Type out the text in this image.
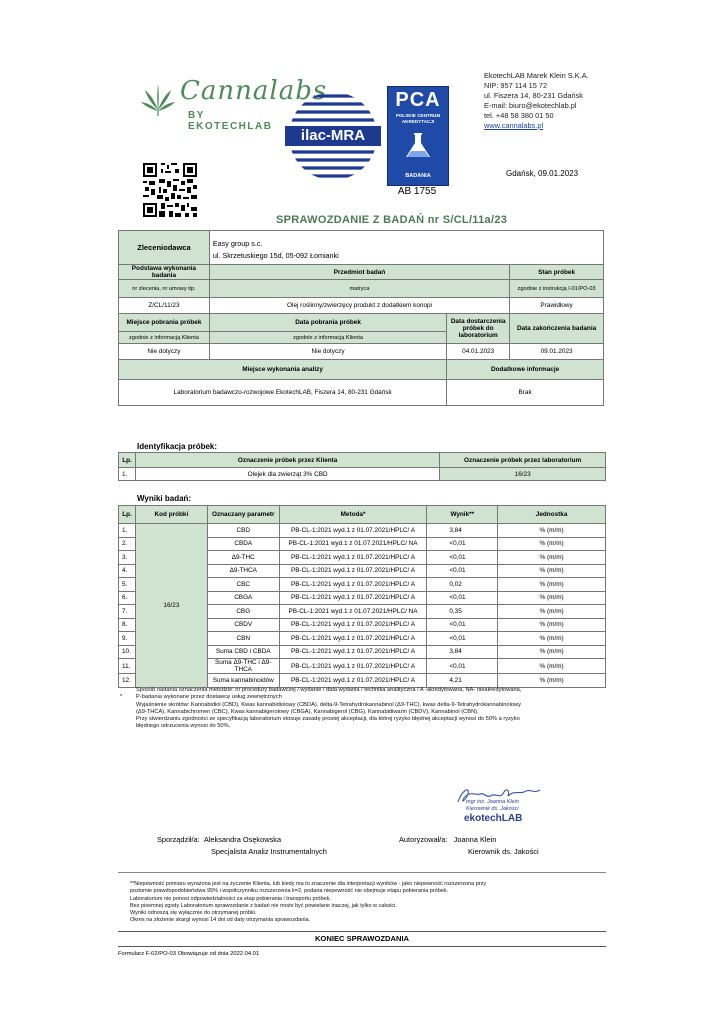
Cannalabs
BY EKOTECHLAB
ilac-MRA
PCA
POLSKIE CENTRUM
AKREDYTACJI
BADANIA
AB 1755
EkotechLAB Marek Klein S.K.A.
NIP: 957 114 15 72
ul. Fiszera 14, 80-231 Gdańsk
E-mail: biuro@ekotechlab.pl
tel. +48 58 380 01 50
www.cannalabs.pl
Gdańsk, 09.01.2023
SPRAWOZDANIE Z BADAŃ nr S/CL/11a/23
Zleceniodawca	Easy group s.c.		
	ul. Skrzetuskiego 15d, 05-092 Łomianki		
Podstawa wykonania badania	Przedmiot badań		Stan próbek
nr zlecenia, nr umowy itp.	matryca		zgodnie z instrukcją I-01/PO-03
Z/CL/11/23	Olej roślinny/zwierzęcy produkt z dodatkiem konopi		Prawidłowy
Miejsce pobrania próbek	Data pobrania próbek	Data dostarczenia próbek do laboratorium	Data zakończenia badania
zgodnie z informacją Klienta	zgodnie z informacją Klienta		
Nie dotyczy	Nie dotyczy	04.01.2023	09.01.2023
Miejsce wykonania analizy		Dodatkowe informacje	
Laboratorium badawczo-rozwojowe EkotechLAB, Fiszera 14, 80-231 Gdańsk		Brak	
Identyfikacja próbek:
Lp.	Oznaczenie próbek przez Klienta	Oznaczenie próbek przez laboratorium
1.	Olejek dla zwierząt 3% CBD	16/23
Wyniki badań:
Lp.	Kod próbki	Oznaczany parametr	Metoda*	Wynik**	Jednostka
1.	16/23	CBD	PB-CL-1:2021 wyd.1 z 01.07.2021/HPLC/ A	3,84	% (m/m)
2.		CBDA	PB-CL-1:2021 wyd.1 z 01.07.2021/HPLC/ NA	<0,01	% (m/m)
3.		Δ9-THC	PB-CL-1:2021 wyd.1 z 01.07.2021/HPLC/ A	<0,01	% (m/m)
4.		Δ9-THCA	PB-CL-1:2021 wyd.1 z 01.07.2021/HPLC/ A	<0,01	% (m/m)
5.		CBC	PB-CL-1:2021 wyd.1 z 01.07.2021/HPLC/ A	0,02	% (m/m)
6.		CBGA	PB-CL-1:2021 wyd.1 z 01.07.2021/HPLC/ A	<0,01	% (m/m)
7.		CBG	PB-CL-1:2021 wyd.1 z 01.07.2021/HPLC/ NA	0,35	% (m/m)
8.		CBDV	PB-CL-1:2021 wyd.1 z 01.07.2021/HPLC/ A	<0,01	% (m/m)
9.		CBN	PB-CL-1:2021 wyd.1 z 01.07.2021/HPLC/ A	<0,01	% (m/m)
10.		Suma CBD i CBDA	PB-CL-1:2021 wyd.1 z 01.07.2021/HPLC/ A	3,84	% (m/m)
11.		Suma Δ9-THC i Δ9-THCA	PB-CL-1:2021 wyd.1 z 01.07.2021/HPLC/ A	<0,01	% (m/m)
12.		Suma kannabinoidów	PB-CL-1:2021 wyd.1 z 01.07.2021/HPLC/ A	4,21	% (m/m)
Sposób nadania oznaczenia metodzie: nr procedury badawczej / wydanie / data wydania / technika analityczna / A -akredytowana, NA- nieakredytowana,
* P-badania wykonane przez dostawcę usług zewnętrznych
Wyjaśnienie skrótów: Kannabidiol (CBD), Kwas kannabidiolowy (CBDA), delta-9-Tetrahydrokannabinol (Δ9-THC), kwas delta-9-Tetrahydrokannabinolowy
(Δ9-THCA), Kannabichromen (CBC), Kwas kannabigerolowy (CBGA), Kannabigerol (CBG), Kannabidiwarin (CBDV), Kannabinol (CBN),
Przy stwierdzaniu zgodności ze specyfikacją laboratorium stosuje zasadę prostej akceptacji, dla której ryzyko błędnej akceptacji wynosi do 50% a ryzyko
błędnego odrzucenia wynosi do 50%.
mgr inż. Joanna Klein
Kierownik ds. Jakości
ekotechLAB
Sporządził/a: Aleksandra Osękowska
Specjalista Analiz Instrumentalnych
Autoryzował/a: Joanna Klein
Kierownik ds. Jakości
**Niepewność pomiaru wyrażona jest na życzenie Klienta, lub kiedy ma to znaczenie dla interpretacji wyników - jako niepewność rozszerzona przy
poziomie prawdopodobieństwa 95% i współczynniku rozszerzenia k=2, podana niepewność nie obejmuje etapu pobierania próbek.
Laboratorium nie ponosi odpowiedzialności za etap pobierania i transportu próbek.
Bez pisemnej zgody Laboratorium sprawozdanie z badań nie może być powielane inaczej, jak tylko w całości.
Wyniki odnoszą się wyłącznie do otrzymanej próbki.
Okres na złożenie skargi wynosi 14 dni od daty otrzymania sprawozdania.
KONIEC SPRAWOZDANIA
Formularz F-02/PO-03 Obowiązuje od dnia 2022.04.01
